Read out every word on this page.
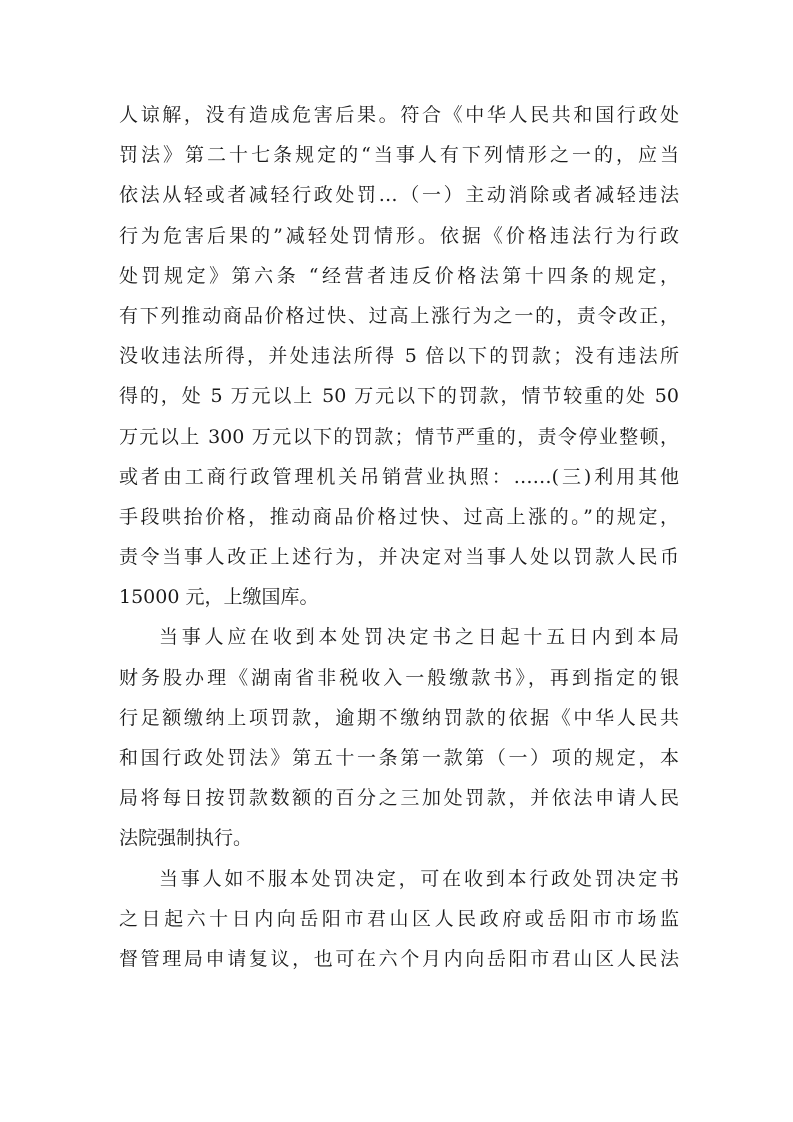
人谅解，没有造成危害后果。符合《中华人民共和国行政处
罚法》第二十七条规定的“当事人有下列情形之一的，应当
依法从轻或者减轻行政处罚…（一）主动消除或者减轻违法
行为危害后果的”减轻处罚情形。依据《价格违法行为行政
处罚规定》第六条 “经营者违反价格法第十四条的规定，
有下列推动商品价格过快、过高上涨行为之一的，责令改正，
没收违法所得，并处违法所得 5 倍以下的罚款；没有违法所
得的，处 5 万元以上 50 万元以下的罚款，情节较重的处 50
万元以上 300 万元以下的罚款；情节严重的，责令停业整顿，
或者由工商行政管理机关吊销营业执照：……(三)利用其他
手段哄抬价格，推动商品价格过快、过高上涨的。”的规定，
责令当事人改正上述行为，并决定对当事人处以罚款人民币
15000 元，上缴国库。
当事人应在收到本处罚决定书之日起十五日内到本局
财务股办理《湖南省非税收入一般缴款书》，再到指定的银
行足额缴纳上项罚款，逾期不缴纳罚款的依据《中华人民共
和国行政处罚法》第五十一条第一款第（一）项的规定，本
局将每日按罚款数额的百分之三加处罚款，并依法申请人民
法院强制执行。
当事人如不服本处罚决定，可在收到本行政处罚决定书
之日起六十日内向岳阳市君山区人民政府或岳阳市市场监
督管理局申请复议，也可在六个月内向岳阳市君山区人民法
